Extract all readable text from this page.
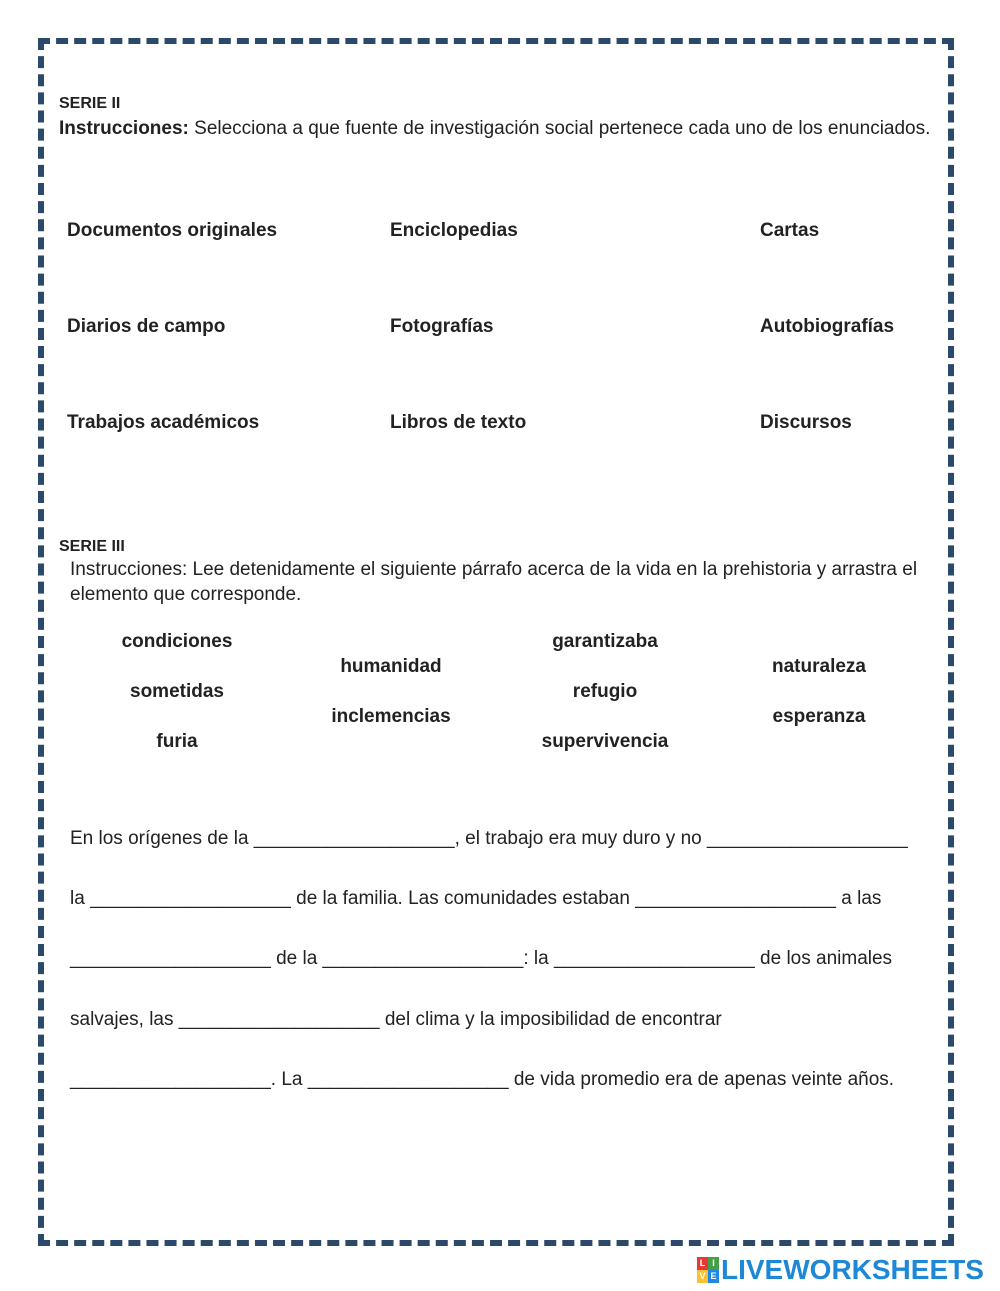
SERIE II
Instrucciones: Selecciona a que fuente de investigación social pertenece cada uno de los enunciados.
Documentos originales	Enciclopedias	Cartas
Diarios de campo	Fotografías	Autobiografías
Trabajos académicos	Libros de texto	Discursos
SERIE III
Instrucciones: Lee detenidamente el siguiente párrafo acerca de la vida en la prehistoria y arrastra el elemento que corresponde.
condiciones
humanidad
sometidas
inclemencias
furia
garantizaba
refugio
supervivencia
naturaleza
esperanza
En los orígenes de la ___________________, el trabajo era muy duro y no ___________________
la ___________________ de la familia. Las comunidades estaban ___________________ a las
___________________ de la ___________________: la ___________________ de los animales
salvajes, las ___________________ del clima y la imposibilidad de encontrar
___________________. La ___________________ de vida promedio era de apenas veinte años.
L I
V E LIVEWORKSHEETS
